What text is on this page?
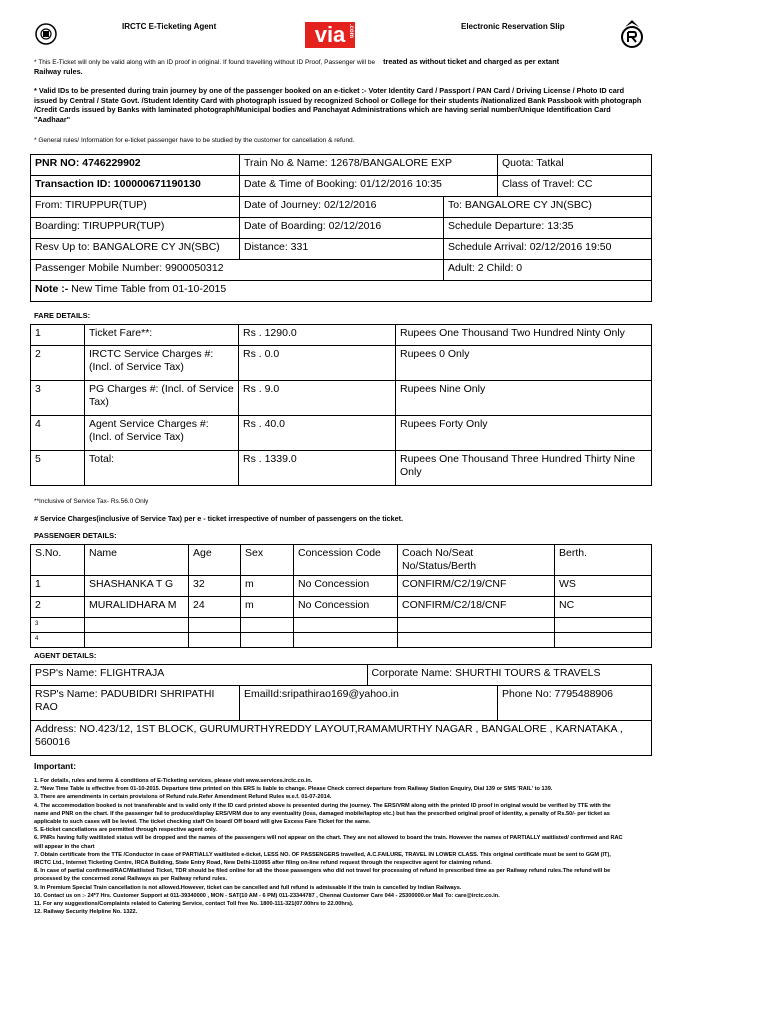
IRCTC E-Ticketing Agent	via .com	Electronic Reservation Slip
* This E-Ticket will only be valid along with an ID proof in original. If found travelling without ID Proof, Passenger will be treated as without ticket and charged as per extant
Railway rules.
* Valid IDs to be presented during train journey by one of the passenger booked on an e-ticket :- Voter Identity Card / Passport / PAN Card / Driving License / Photo ID card issued by Central / State Govt. /Student Identity Card with photograph issued by recognized School or College for their students /Nationalized Bank Passbook with photograph /Credit Cards issued by Banks with laminated photograph/Municipal bodies and Panchayat Administrations which are having serial number/Unique Identification Card "Aadhaar"
* General rules/ Information for e-ticket passenger have to be studied by the customer for cancellation & refund.
PNR NO: 4746229902	Train No & Name: 12678/BANGALORE EXP		Quota: Tatkal
Transaction ID: 100000671190130	Date & Time of Booking: 01/12/2016 10:35		Class of Travel: CC
From: TIRUPPUR(TUP)	Date of Journey: 02/12/2016	To: BANGALORE CY JN(SBC)	
Boarding: TIRUPPUR(TUP)	Date of Boarding: 02/12/2016	Schedule Departure: 13:35	
Resv Up to: BANGALORE CY JN(SBC)	Distance: 331	Schedule Arrival: 02/12/2016 19:50	
Passenger Mobile Number: 9900050312		Adult: 2 Child: 0	
Note :- New Time Table from 01-10-2015			
FARE DETAILS:
1	Ticket Fare**:	Rs . 1290.0	Rupees One Thousand Two Hundred Ninty Only
2	IRCTC Service Charges #: (Incl. of Service Tax)	Rs . 0.0	Rupees 0 Only
3	PG Charges #: (Incl. of Service Tax)	Rs . 9.0	Rupees Nine Only
4	Agent Service Charges #: (Incl. of Service Tax)	Rs . 40.0	Rupees Forty Only
5	Total:	Rs . 1339.0	Rupees One Thousand Three Hundred Thirty Nine Only
**Inclusive of Service Tax- Rs.56.0 Only
# Service Charges(inclusive of Service Tax) per e - ticket irrespective of number of passengers on the ticket.
PASSENGER DETAILS:
S.No.	Name	Age	Sex	Concession Code	Coach No/Seat No/Status/Berth	Berth.
1	SHASHANKA T G	32	m	No Concession	CONFIRM/C2/19/CNF	WS
2	MURALIDHARA M	24	m	No Concession	CONFIRM/C2/18/CNF	NC
3						
4						
AGENT DETAILS:
PSP's Name: FLIGHTRAJA		Corporate Name: SHURTHI TOURS & TRAVELS	
RSP's Name: PADUBIDRI SHRIPATHI RAO	EmailId:sripathirao169@yahoo.in		Phone No: 7795488906
Address: NO.423/12, 1ST BLOCK, GURUMURTHYREDDY LAYOUT,RAMAMURTHY NAGAR , BANGALORE , KARNATAKA , 560016			
Important:
1. For details, rules and terms & conditions of E-Ticketing services, please visit www.services.irctc.co.in.
2. *New Time Table is effective from 01-10-2015. Departure time printed on this ERS is liable to change. Please Check correct departure from Railway Station Enquiry, Dial 139 or SMS 'RAIL' to 139.
3. There are amendments in certain provisions of Refund rule.Refer Amendment Refund Rules w.e.f. 01-07-2014.
4. The accommodation booked is not transferable and is valid only if the ID card printed above is presented during the journey. The ERS/VRM along with the printed ID proof in original would be verified by TTE with the name and PNR on the chart. If the passenger fail to produce/display ERS/VRM due to any eventuality (loss, damaged mobile/laptop etc.) but has the prescribed original proof of identity, a penalty of Rs.50/- per ticket as applicable to such cases will be levied. The ticket checking staff On board/ Off board will give Excess Fare Ticket for the same.
5. E-ticket cancellations are permitted through respective agent only.
6. PNRs having fully waitlisted status will be dropped and the names of the passengers will not appear on the chart. They are not allowed to board the train. However the names of PARTIALLY waitlisted/ confirmed and RAC will appear in the chart
7. Obtain certificate from the TTE /Conductor in case of PARTIALLY waitlisted e-ticket, LESS NO. OF PASSENGERS travelled, A.C.FAILURE, TRAVEL IN LOWER CLASS. This original certificate must be sent to GGM (IT), IRCTC Ltd., Internet Ticketing Centre, IRCA Building, State Entry Road, New Delhi-110055 after filing on-line refund request through the respective agent for claiming refund.
8. In case of partial confirmed/RAC/Waitlisted Ticket, TDR should be filed online for all the those passengers who did not travel for processing of refund in prescribed time as per Railway refund rules.The refund will be processed by the concerned zonal Railways as per Railway refund rules.
9. In Premium Special Train cancellation is not allowed.However, ticket can be cancelled and full refund is admissable if the train is cancelled by Indian Railways.
10. Contact us on :- 24*7 Hrs. Customer Support at 011-39340000 , MON - SAT(10 AM - 6 PM) 011-23344787 , Chennai Customer Care 044 - 25300000.or Mail To: care@irctc.co.in.
11. For any suggestions/Complaints related to Catering Service, contact Toll free No. 1800-111-321(07.00hrs to 22.00hrs).
12. Railway Security Helpline No. 1322.
